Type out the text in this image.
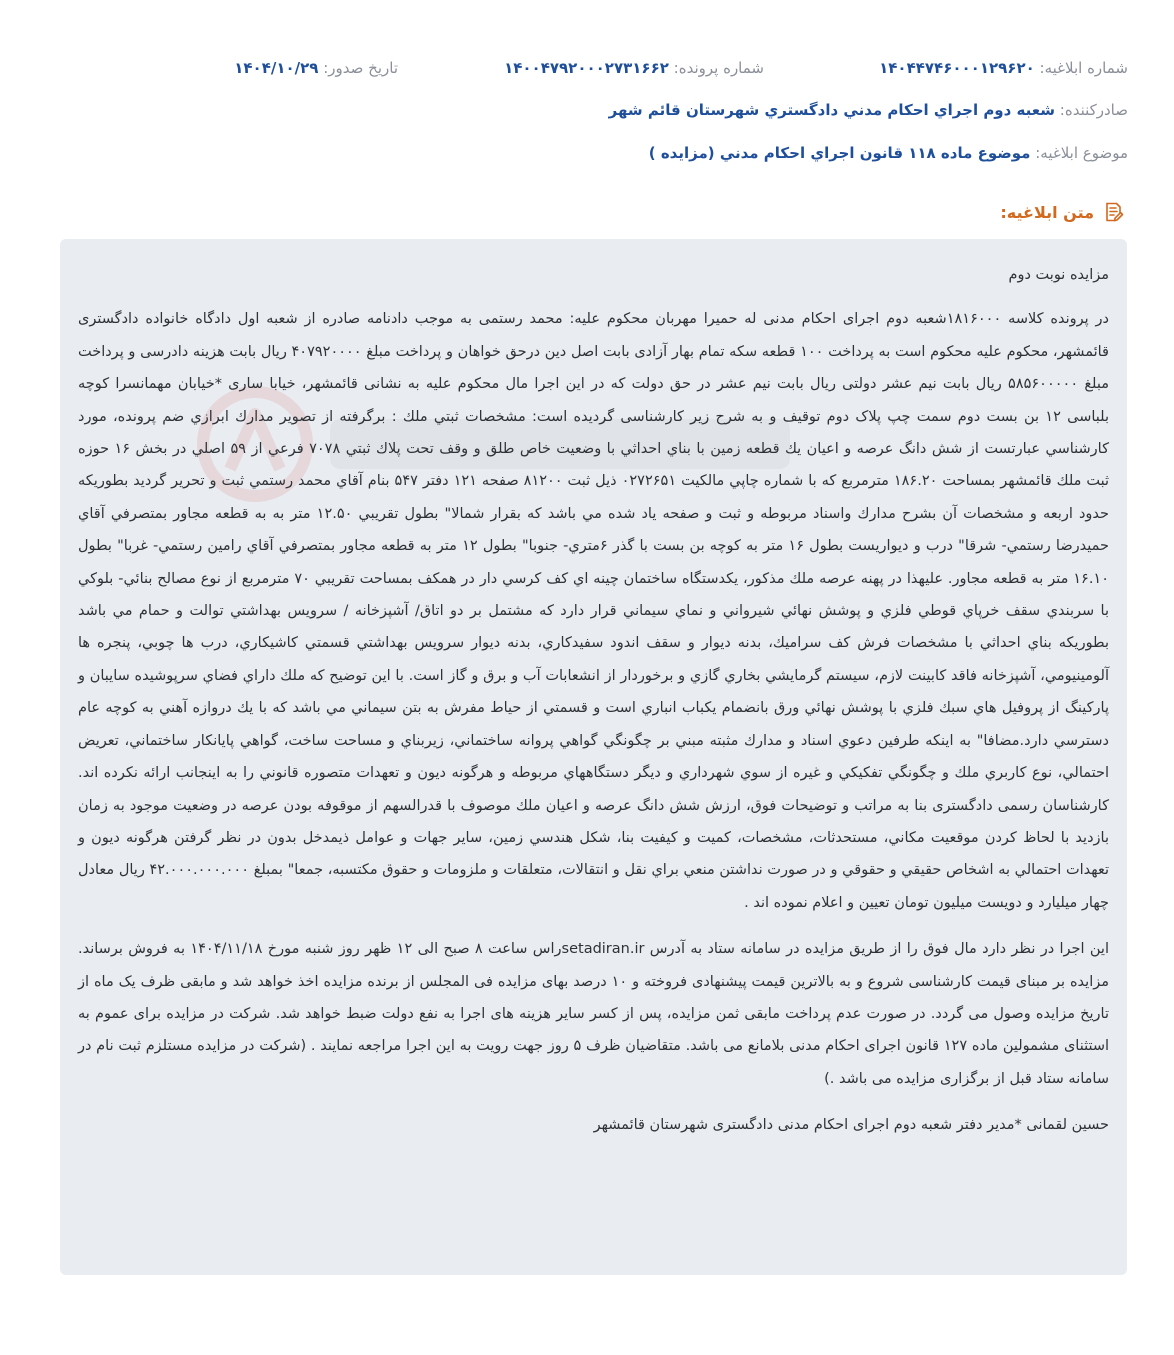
شماره ابلاغیه: ۱۴۰۴۴۷۴۶۰۰۰۱۲۹۶۲۰
شماره پرونده: ۱۴۰۰۴۷۹۲۰۰۰۲۷۳۱۶۶۲
تاریخ صدور: ۱۴۰۴/۱۰/۲۹
صادرکننده: شعبه دوم اجراي احكام مدني دادگستري شهرستان قائم شهر
موضوع ابلاغیه: موضوع ماده ۱۱۸ قانون اجراي احكام مدني (مزايده )
متن ابلاغیه:

مزایده نوبت دوم

در پرونده کلاسه ۱۸۱۶۰۰۰شعبه دوم اجرای احکام مدنی له حمیرا مهربان محکوم علیه: محمد رستمی به موجب دادنامه صادره از شعبه اول دادگاه خانواده دادگستری قائمشهر، محکوم علیه محکوم است به پرداخت ۱۰۰ قطعه سکه تمام بهار آزادی بابت اصل دین درحق خواهان و پرداخت مبلغ ۴۰۷۹۲۰۰۰۰ ریال بابت هزینه دادرسی و پرداخت مبلغ ۵۸۵۶۰۰۰۰۰ ریال بابت نیم عشر دولتی ریال بابت نیم عشر در حق دولت که در این اجرا مال محکوم علیه به نشانی قائمشهر، خیابا ساری *خیابان مهمانسرا کوچه بلباسی ۱۲ بن بست دوم سمت چپ پلاک دوم توقیف و به شرح زیر کارشناسی گردیده است: مشخصات ثبتي ملك : برگرفته از تصوير مدارك ابرازي ضم پرونده، مورد كارشناسي عبارتست از شش دانگ عرصه و اعيان يك قطعه زمين با بناي احداثي با وضعيت خاص طلق و وقف تحت پلاك ثبتي ۷۰۷۸ فرعي از ۵۹ اصلي در بخش ۱۶ حوزه ثبت ملك قائمشهر بمساحت ۱۸۶.۲۰ مترمربع كه با شماره چاپي مالكيت ۰۲۷۲۶۵۱ ذيل ثبت ۸۱۲۰۰ صفحه ۱۲۱ دفتر ۵۴۷ بنام آقاي محمد رستمي ثبت و تحرير گرديد بطوريكه حدود اربعه و مشخصات آن بشرح مدارك واسناد مربوطه و ثبت و صفحه ياد شده مي باشد كه بقرار شمالا" بطول تقريبي ۱۲.۵۰ متر به به قطعه مجاور بمتصرفي آقاي حميدرضا رستمي- شرقا" درب و ديواريست بطول ۱۶ متر به كوچه بن بست با گذر ۶متري- جنوبا" بطول ۱۲ متر به قطعه مجاور بمتصرفي آقاي رامين رستمي- غربا" بطول ۱۶.۱۰ متر به قطعه مجاور. عليهذا در پهنه عرصه ملك مذكور، يكدستگاه ساختمان چينه اي كف كرسي دار در همكف بمساحت تقريبي ۷۰ مترمربع از نوع مصالح بنائي- بلوكي با سربندي سقف خرپاي قوطي فلزي و پوشش نهائي شيرواني و نماي سيماني قرار دارد كه مشتمل بر دو اتاق/ آشپزخانه / سرويس بهداشتي توالت و حمام مي باشد بطوريكه بناي احداثي با مشخصات فرش كف سراميك، بدنه ديوار و سقف اندود سفيدكاري، بدنه ديوار سرويس بهداشتي قسمتي كاشيكاري، درب ها چوبي، پنجره ها آلومينيومي، آشپزخانه فاقد كابينت لازم، سيستم گرمايشي بخاري گازي و برخوردار از انشعابات آب و برق و گاز است. با اين توضيح كه ملك داراي فضاي سرپوشيده سايبان و پاركينگ از پروفيل هاي سبك فلزي با پوشش نهائي ورق بانضمام يكباب انباري است و قسمتي از حياط مفرش به بتن سيماني مي باشد كه با يك دروازه آهني به كوچه عام دسترسي دارد.مضافا" به اينكه طرفين دعوي اسناد و مدارك مثبته مبني بر چگونگي گواهي پروانه ساختماني، زيربناي و مساحت ساخت، گواهي پايانكار ساختماني، تعريض احتمالي، نوع كاربري ملك و چگونگي تفكيكي و غيره از سوي شهرداري و ديگر دستگاههاي مربوطه و هرگونه ديون و تعهدات متصوره قانوني را به اينجانب ارائه نكرده اند. كارشناسان رسمی دادگستری بنا به مراتب و توضيحات فوق، ارزش شش دانگ عرصه و اعيان ملك موصوف با قدرالسهم از موقوفه بودن عرصه در وضعيت موجود به زمان بازديد با لحاظ كردن موقعيت مكاني، مستحدثات، مشخصات، كميت و كيفيت بنا، شكل هندسي زمين، ساير جهات و عوامل ذيمدخل بدون در نظر گرفتن هرگونه ديون و تعهدات احتمالي به اشخاص حقيقي و حقوقي و در صورت نداشتن منعي براي نقل و انتقالات، متعلقات و ملزومات و حقوق مكتسبه، جمعا" بمبلغ ۴۲.۰۰۰.۰۰۰.۰۰۰ ريال معادل چهار ميليارد و دويست ميليون تومان تعيين و اعلام نموده اند .

این اجرا در نظر دارد مال فوق را از طریق مزایده در سامانه ستاد به آدرس setadiran.irراس ساعت ۸ صبح الی ۱۲ ظهر روز شنبه مورخ ۱۴۰۴/۱۱/۱۸ به فروش برساند. مزایده بر مبنای قیمت کارشناسی شروع و به بالاترین قیمت پیشنهادی فروخته و ۱۰ درصد بهای مزایده فی المجلس از برنده مزایده اخذ خواهد شد و مابقی ظرف یک ماه از تاریخ مزایده وصول می گردد. در صورت عدم پرداخت مابقی ثمن مزایده، پس از کسر سایر هزینه های اجرا به نفع دولت ضبط خواهد شد. شرکت در مزایده برای عموم به استثنای مشمولین ماده ۱۲۷ قانون اجرای احکام مدنی بلامانع می باشد. متقاضیان ظرف ۵ روز جهت رویت به این اجرا مراجعه نمایند . (شرکت در مزایده مستلزم ثبت نام در سامانه ستاد قبل از برگزاری مزایده می باشد .)

حسین لقمانی *مدیر دفتر شعبه دوم اجرای احکام مدنی دادگستری شهرستان قائمشهر
